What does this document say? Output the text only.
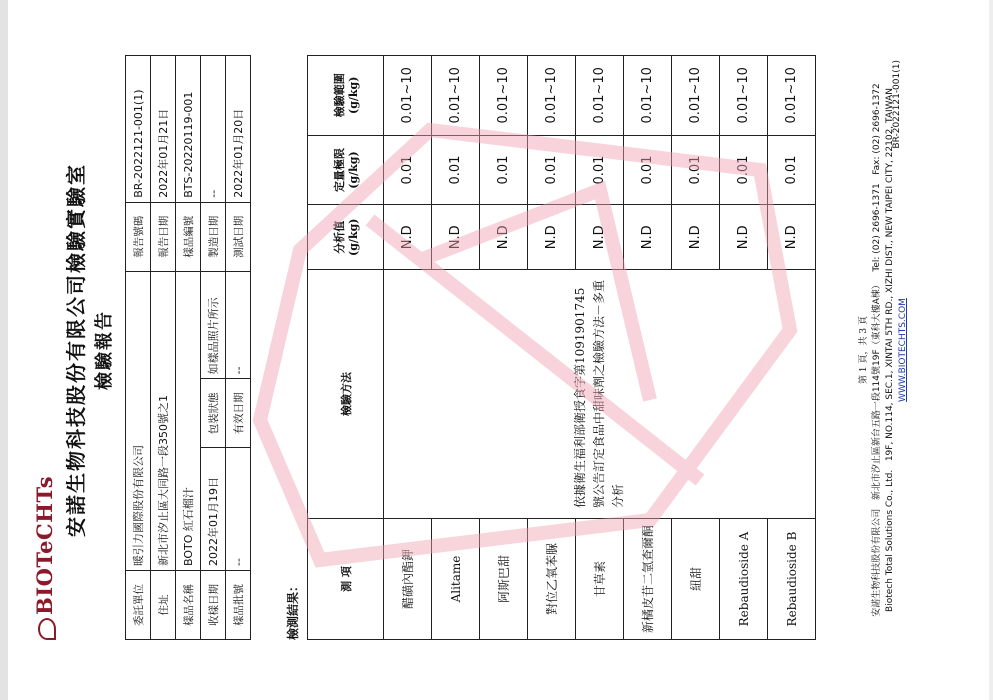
BIOTeCHTs
安諾生物科技股份有限公司檢驗實驗室 檢驗報告
委託單位	暖引力國際股份有限公司			報告號碼	BR-2022121-001(1)
住址	新北市汐止區大同路一段350號之1			報告日期	2022年01月21日
樣品名稱	BOTO 紅石榴汁			樣品編號	BTS-20220119-001
收樣日期	2022年01月19日	包裝狀態	如樣品照片所示	製造日期	--
樣品批號	--	有效日期	--	測試日期	2022年01月20日
檢測結果：
測 項	檢驗方法	分析值 (g/kg)	定量極限 (g/kg)	檢驗範圍 (g/kg)
醋磺內酯鉀	依據衛生福利部衛授食字第1091901745號公告訂定食品中甜味劑之檢驗方法－多重分析	N.D	0.01	0.01~10
Alitame		N.D	0.01	0.01~10
阿斯巴甜		N.D	0.01	0.01~10
對位乙氧苯脲		N.D	0.01	0.01~10
甘草素		N.D	0.01	0.01~10
新橘皮苷二氫查爾酮		N.D	0.01	0.01~10
紐甜		N.D	0.01	0.01~10
Rebaudioside A		N.D	0.01	0.01~10
Rebaudioside B		N.D	0.01	0.01~10
第 1 頁，共 3 頁
安諾生物科技股份有限公司   新北市汐止區新台五路一段114號19F（東科大樓A棟）   Tel: (02) 2696-1371   Fax: (02) 2696-1372
Biotech Total Solutions Co., Ltd.   19F, NO.114, SEC.1, XINTAI 5TH RD., XIZHI DIST., NEW TAIPEI CITY, 22102, TAIWAN WWW.BIOTECHTS.COM
BR-2022121-001(1)
